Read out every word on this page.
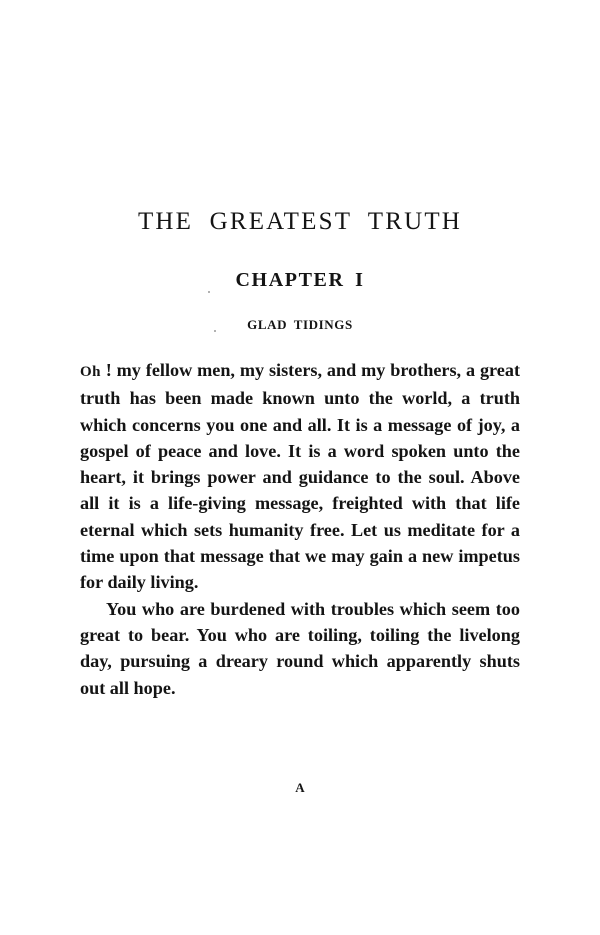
THE GREATEST TRUTH
CHAPTER I
GLAD TIDINGS

Oh ! my fellow men, my sisters, and my brothers, a great truth has been made known unto the world, a truth which concerns you one and all. It is a message of joy, a gospel of peace and love. It is a word spoken unto the heart, it brings power and guidance to the soul. Above all it is a life-giving message, freighted with that life eternal which sets humanity free. Let us meditate for a time upon that message that we may gain a new impetus for daily living.

You who are burdened with troubles which seem too great to bear. You who are toiling, toiling the livelong day, pursuing a dreary round which apparently shuts out all hope.

A
